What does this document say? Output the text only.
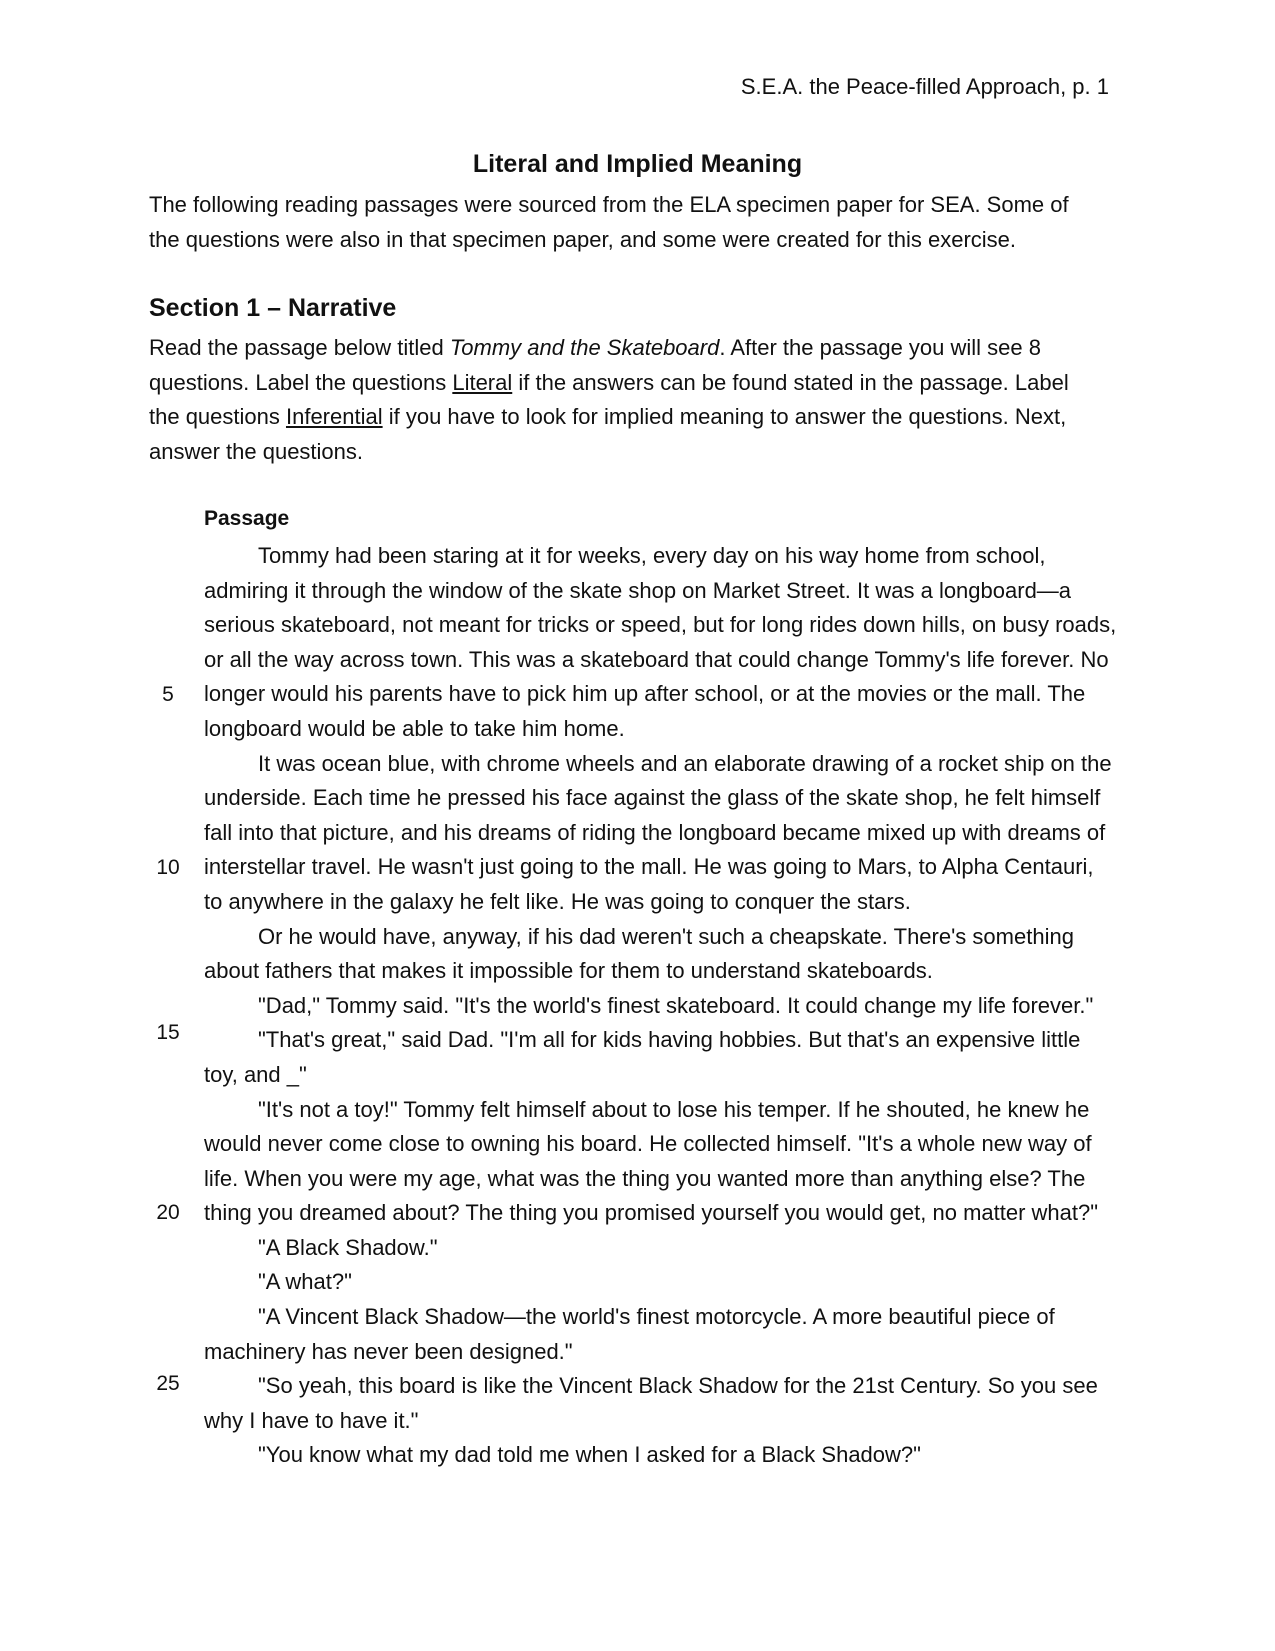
S.E.A. the Peace-filled Approach, p. 1
Literal and Implied Meaning
The following reading passages were sourced from the ELA specimen paper for SEA. Some of
the questions were also in that specimen paper, and some were created for this exercise.
Section 1 – Narrative

Read the passage below titled Tommy and the Skateboard. After the passage you will see 8

questions. Label the questions Literal if the answers can be found stated in the passage. Label

the questions Inferential if you have to look for implied meaning to answer the questions. Next,

answer the questions.

Passage
Tommy had been staring at it for weeks, every day on his way home from school,
admiring it through the window of the skate shop on Market Street. It was a longboard—a
serious skateboard, not meant for tricks or speed, but for long rides down hills, on busy roads,
or all the way across town. This was a skateboard that could change Tommy's life forever. No
longer would his parents have to pick him up after school, or at the movies or the mall. The
longboard would be able to take him home.
It was ocean blue, with chrome wheels and an elaborate drawing of a rocket ship on the
underside. Each time he pressed his face against the glass of the skate shop, he felt himself
fall into that picture, and his dreams of riding the longboard became mixed up with dreams of
interstellar travel. He wasn't just going to the mall. He was going to Mars, to Alpha Centauri,
to anywhere in the galaxy he felt like. He was going to conquer the stars.
Or he would have, anyway, if his dad weren't such a cheapskate. There's something
about fathers that makes it impossible for them to understand skateboards.
"Dad," Tommy said. "It's the world's finest skateboard. It could change my life forever."
"That's great," said Dad. "I'm all for kids having hobbies. But that's an expensive little
toy, and _"
"It's not a toy!" Tommy felt himself about to lose his temper. If he shouted, he knew he
would never come close to owning his board. He collected himself. "It's a whole new way of
life. When you were my age, what was the thing you wanted more than anything else? The
thing you dreamed about? The thing you promised yourself you would get, no matter what?"
"A Black Shadow."
"A what?"
"A Vincent Black Shadow—the world's finest motorcycle. A more beautiful piece of
machinery has never been designed."
"So yeah, this board is like the Vincent Black Shadow for the 21st Century. So you see
why I have to have it."
"You know what my dad told me when I asked for a Black Shadow?"
5
10
15
20
25
